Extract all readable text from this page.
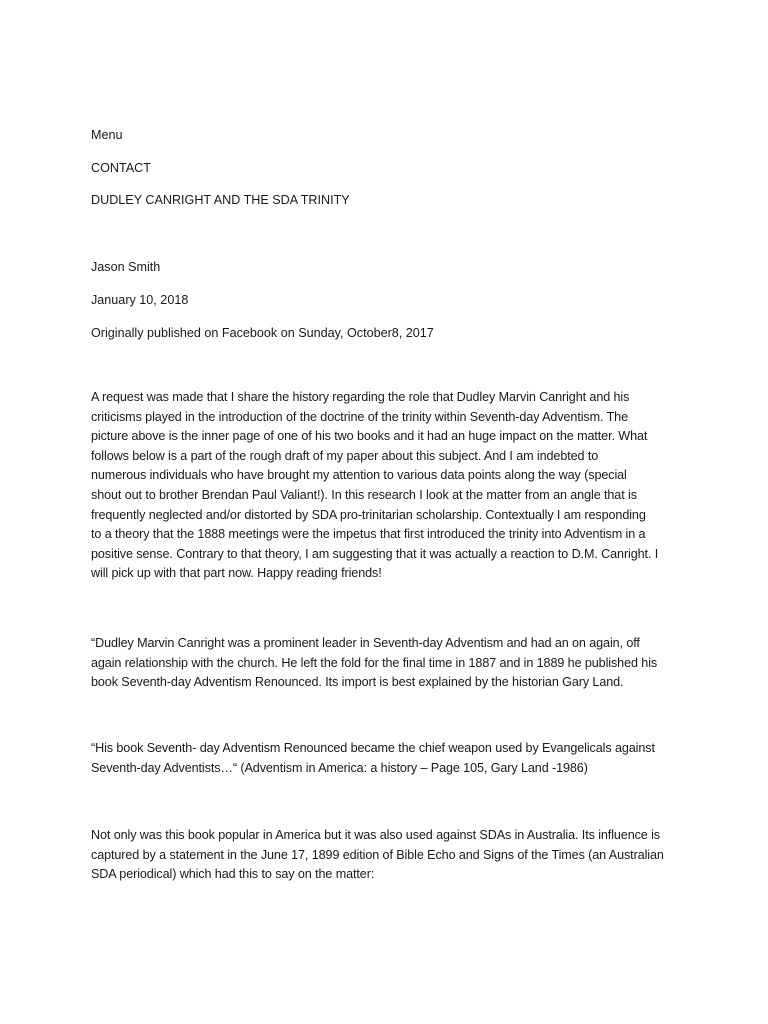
Menu

CONTACT

DUDLEY CANRIGHT AND THE SDA TRINITY

Jason Smith

January 10, 2018

Originally published on Facebook on Sunday, October8, 2017

A request was made that I share the history regarding the role that Dudley Marvin Canright and his
criticisms played in the introduction of the doctrine of the trinity within Seventh-day Adventism. The
picture above is the inner page of one of his two books and it had an huge impact on the matter. What
follows below is a part of the rough draft of my paper about this subject. And I am indebted to
numerous individuals who have brought my attention to various data points along the way (special
shout out to brother Brendan Paul Valiant!). In this research I look at the matter from an angle that is
frequently neglected and/or distorted by SDA pro-trinitarian scholarship. Contextually I am responding
to a theory that the 1888 meetings were the impetus that first introduced the trinity into Adventism in a
positive sense. Contrary to that theory, I am suggesting that it was actually a reaction to D.M. Canright. I
will pick up with that part now. Happy reading friends!
“Dudley Marvin Canright was a prominent leader in Seventh-day Adventism and had an on again, off
again relationship with the church. He left the fold for the final time in 1887 and in 1889 he published his
book Seventh-day Adventism Renounced. Its import is best explained by the historian Gary Land.
“His book Seventh- day Adventism Renounced became the chief weapon used by Evangelicals against
Seventh-day Adventists…“ (Adventism in America: a history – Page 105, Gary Land -1986)
Not only was this book popular in America but it was also used against SDAs in Australia. Its influence is
captured by a statement in the June 17, 1899 edition of Bible Echo and Signs of the Times (an Australian
SDA periodical) which had this to say on the matter:
